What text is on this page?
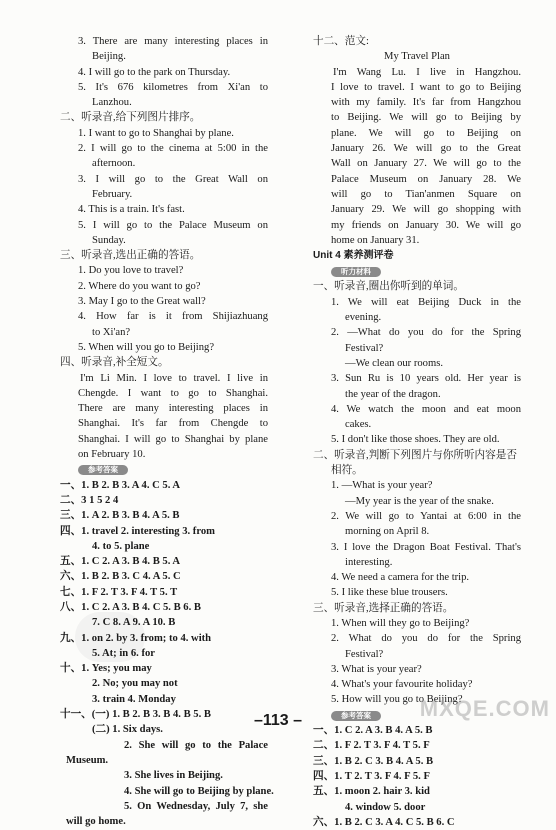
3. There are many interesting places in
Beijing.
4. I will go to the park on Thursday.
5. It's 676 kilometres from Xi'an to
Lanzhou.
二、听录音,给下列图片排序。
1. I want to go to Shanghai by plane.
2. I will go to the cinema at 5:00 in the
afternoon.
3. I will go to the Great Wall on
February.
4. This is a train. It's fast.
5. I will go to the Palace Museum on
Sunday.
三、听录音,选出正确的答语。
1. Do you love to travel?
2. Where do you want to go?
3. May I go to the Great wall?
4. How far is it from Shijiazhuang
to Xi'an?
5. When will you go to Beijing?
四、听录音,补全短文。
I'm Li Min. I love to travel. I live in
Chengde. I want to go to Shanghai.
There are many interesting places in
Shanghai. It's far from Chengde to
Shanghai. I will go to Shanghai by plane
on February 10.
参考答案
一、1. B 2. B 3. A 4. C 5. A
二、3 1 5 2 4
三、1. A 2. B 3. B 4. A 5. B
四、1. travel 2. interesting 3. from
4. to 5. plane
五、1. C 2. A 3. B 4. B 5. A
六、1. B 2. B 3. C 4. A 5. C
七、1. F 2. T 3. F 4. T 5. T
八、1. C 2. A 3. B 4. C 5. B 6. B
7. C 8. A 9. A 10. B
九、1. on 2. by 3. from; to 4. with
5. At; in 6. for
十、1. Yes; you may
2. No; you may not
3. train 4. Monday
十一、(一) 1. B 2. B 3. B 4. B 5. B
(二) 1. Six days.
2. She will go to the Palace
Museum.
3. She lives in Beijing.
4. She will go to Beijing by plane.
5. On Wednesday, July 7, she
will go home.
十二、范文:
My Travel Plan
I'm Wang Lu. I live in Hangzhou.
I love to travel. I want to go to Beijing
with my family. It's far from Hangzhou
to Beijing. We will go to Beijing by
plane. We will go to Beijing on
January 26. We will go to the Great
Wall on January 27. We will go to the
Palace Museum on January 28. We
will go to Tian'anmen Square on
January 29. We will go shopping with
my friends on January 30. We will go
home on January 31.
Unit 4 素养测评卷
听力材料
一、听录音,圈出你听到的单词。
1. We will eat Beijing Duck in the
evening.
2. —What do you do for the Spring
Festival?
—We clean our rooms.
3. Sun Ru is 10 years old. Her year is
the year of the dragon.
4. We watch the moon and eat moon
cakes.
5. I don't like those shoes. They are old.
二、听录音,判断下列图片与你所听内容是否
相符。
1. —What is your year?
—My year is the year of the snake.
2. We will go to Yantai at 6:00 in the
morning on April 8.
3. I love the Dragon Boat Festival. That's
interesting.
4. We need a camera for the trip.
5. I like these blue trousers.
三、听录音,选择正确的答语。
1. When will they go to Beijing?
2. What do you do for the Spring
Festival?
3. What is your year?
4. What's your favourite holiday?
5. How will you go to Beijing?
参考答案
一、1. C 2. A 3. B 4. A 5. B
二、1. F 2. T 3. F 4. T 5. F
三、1. B 2. C 3. B 4. A 5. B
四、1. T 2. T 3. F 4. F 5. F
五、1. moon 2. hair 3. kid
4. window 5. door
六、1. B 2. C 3. A 4. C 5. B 6. C
–113 –	MXQE.COM
